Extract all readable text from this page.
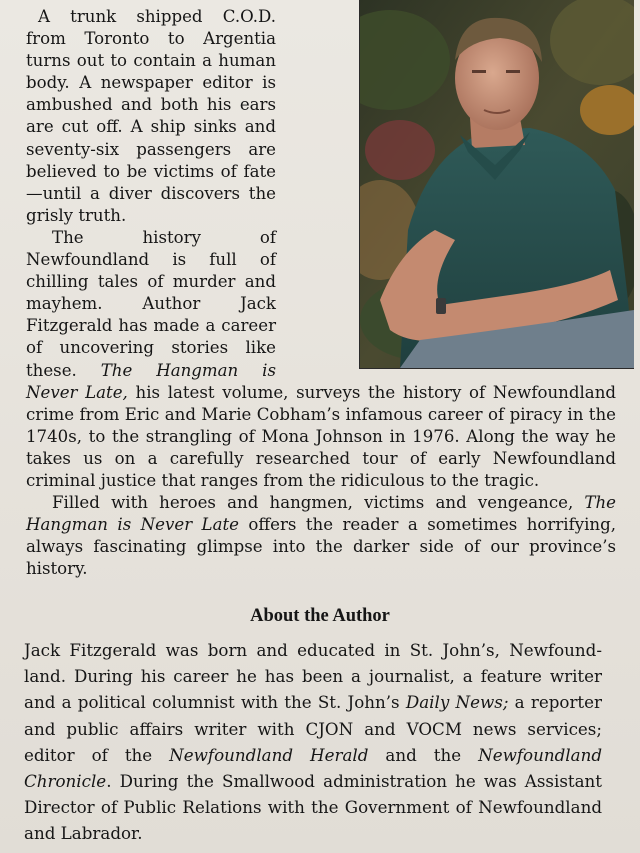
A trunk shipped C.O.D. from Toronto to Argentia turns out to contain a human body. A newspaper editor is ambushed and both his ears are cut off. A ship sinks and seventy-six passengers are believed to be victims of fate—until a diver discovers the grisly truth.

The history of Newfoundland is full of chilling tales of murder and mayhem. Author Jack Fitzgerald has made a career of uncovering stories like these. The Hangman is Never Late, his latest volume, surveys the history of Newfoundland crime from Eric and Marie Cobham’s infamous career of piracy in the 1740s, to the strangling of Mona Johnson in 1976. Along the way he takes us on a carefully researched tour of early Newfoundland criminal justice that ranges from the ridiculous to the tragic.

Filled with heroes and hangmen, victims and vengeance, The Hangman is Never Late offers the reader a sometimes horrifying, always fascinating glimpse into the darker side of our province’s history.

About the Author

Jack Fitzgerald was born and educated in St. John’s, Newfoundland. During his career he has been a journalist, a feature writer and a political columnist with the St. John’s Daily News; a reporter and public affairs writer with CJON and VOCM news services; editor of the Newfoundland Herald and the Newfoundland Chronicle. During the Smallwood administration he was Assistant Director of Public Relations with the Government of Newfoundland and Labrador.
